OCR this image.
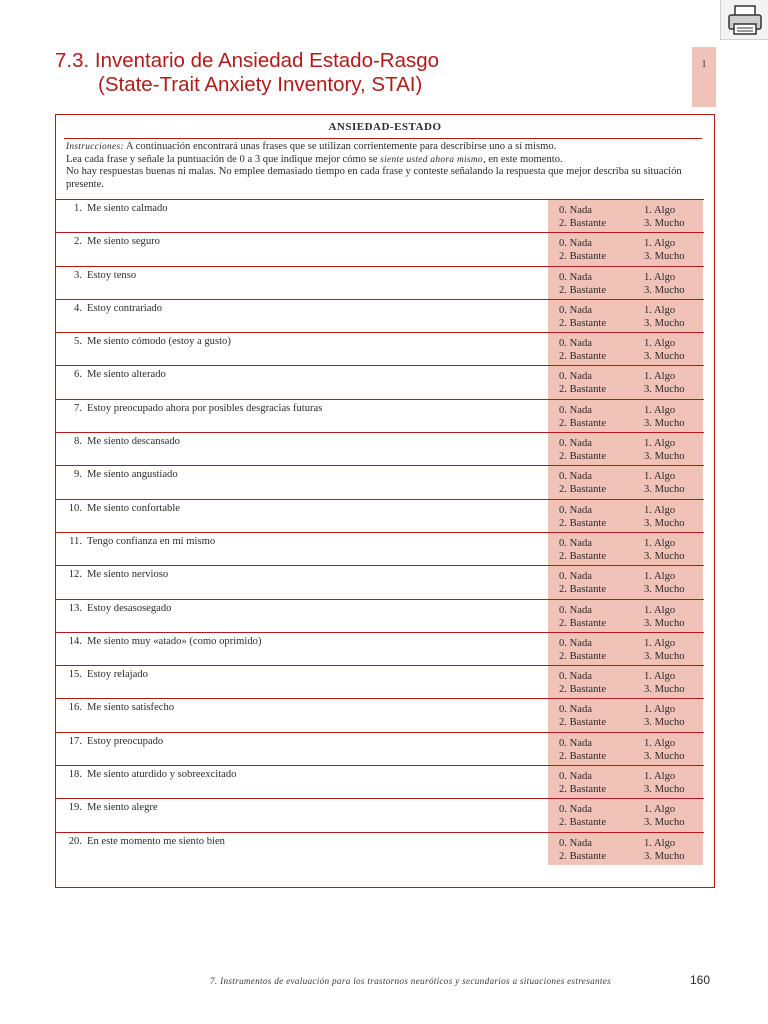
7.3. Inventario de Ansiedad Estado-Rasgo
(State-Trait Anxiety Inventory, STAI)
1
ANSIEDAD-ESTADO

Instrucciones: A continuación encontrará unas frases que se utilizan corrientemente para describirse uno a sí mismo.

Lea cada frase y señale la puntuación de 0 a 3 que indique mejor cómo se siente usted ahora mismo, en este momento.

No hay respuestas buenas ni malas. No emplee demasiado tiempo en cada frase y conteste señalando la respuesta que mejor describa su situación presente.

1. Me siento calmado	0. Nada	1. Algo
2. Bastante	3. Mucho
2. Me siento seguro	0. Nada	1. Algo
2. Bastante	3. Mucho
3. Estoy tenso	0. Nada	1. Algo
2. Bastante	3. Mucho
4. Estoy contrariado	0. Nada	1. Algo
2. Bastante	3. Mucho
5. Me siento cómodo (estoy a gusto)	0. Nada	1. Algo
2. Bastante	3. Mucho
6. Me siento alterado	0. Nada	1. Algo
2. Bastante	3. Mucho
7. Estoy preocupado ahora por posibles desgracias futuras	0. Nada	1. Algo
2. Bastante	3. Mucho
8. Me siento descansado	0. Nada	1. Algo
2. Bastante	3. Mucho
9. Me siento angustiado	0. Nada	1. Algo
2. Bastante	3. Mucho
10. Me siento confortable	0. Nada	1. Algo
2. Bastante	3. Mucho
11. Tengo confianza en mí mismo	0. Nada	1. Algo
2. Bastante	3. Mucho
12. Me siento nervioso	0. Nada	1. Algo
2. Bastante	3. Mucho
13. Estoy desasosegado	0. Nada	1. Algo
2. Bastante	3. Mucho
14. Me siento muy «atado» (como oprimido)	0. Nada	1. Algo
2. Bastante	3. Mucho
15. Estoy relajado	0. Nada	1. Algo
2. Bastante	3. Mucho
16. Me siento satisfecho	0. Nada	1. Algo
2. Bastante	3. Mucho
17. Estoy preocupado	0. Nada	1. Algo
2. Bastante	3. Mucho
18. Me siento aturdido y sobreexcitado	0. Nada	1. Algo
2. Bastante	3. Mucho
19. Me siento alegre	0. Nada	1. Algo
2. Bastante	3. Mucho
20. En este momento me siento bien	0. Nada	1. Algo
2. Bastante	3. Mucho
7. Instrumentos de evaluación para los trastornos neuróticos y secundarios a situaciones estresantes	160
